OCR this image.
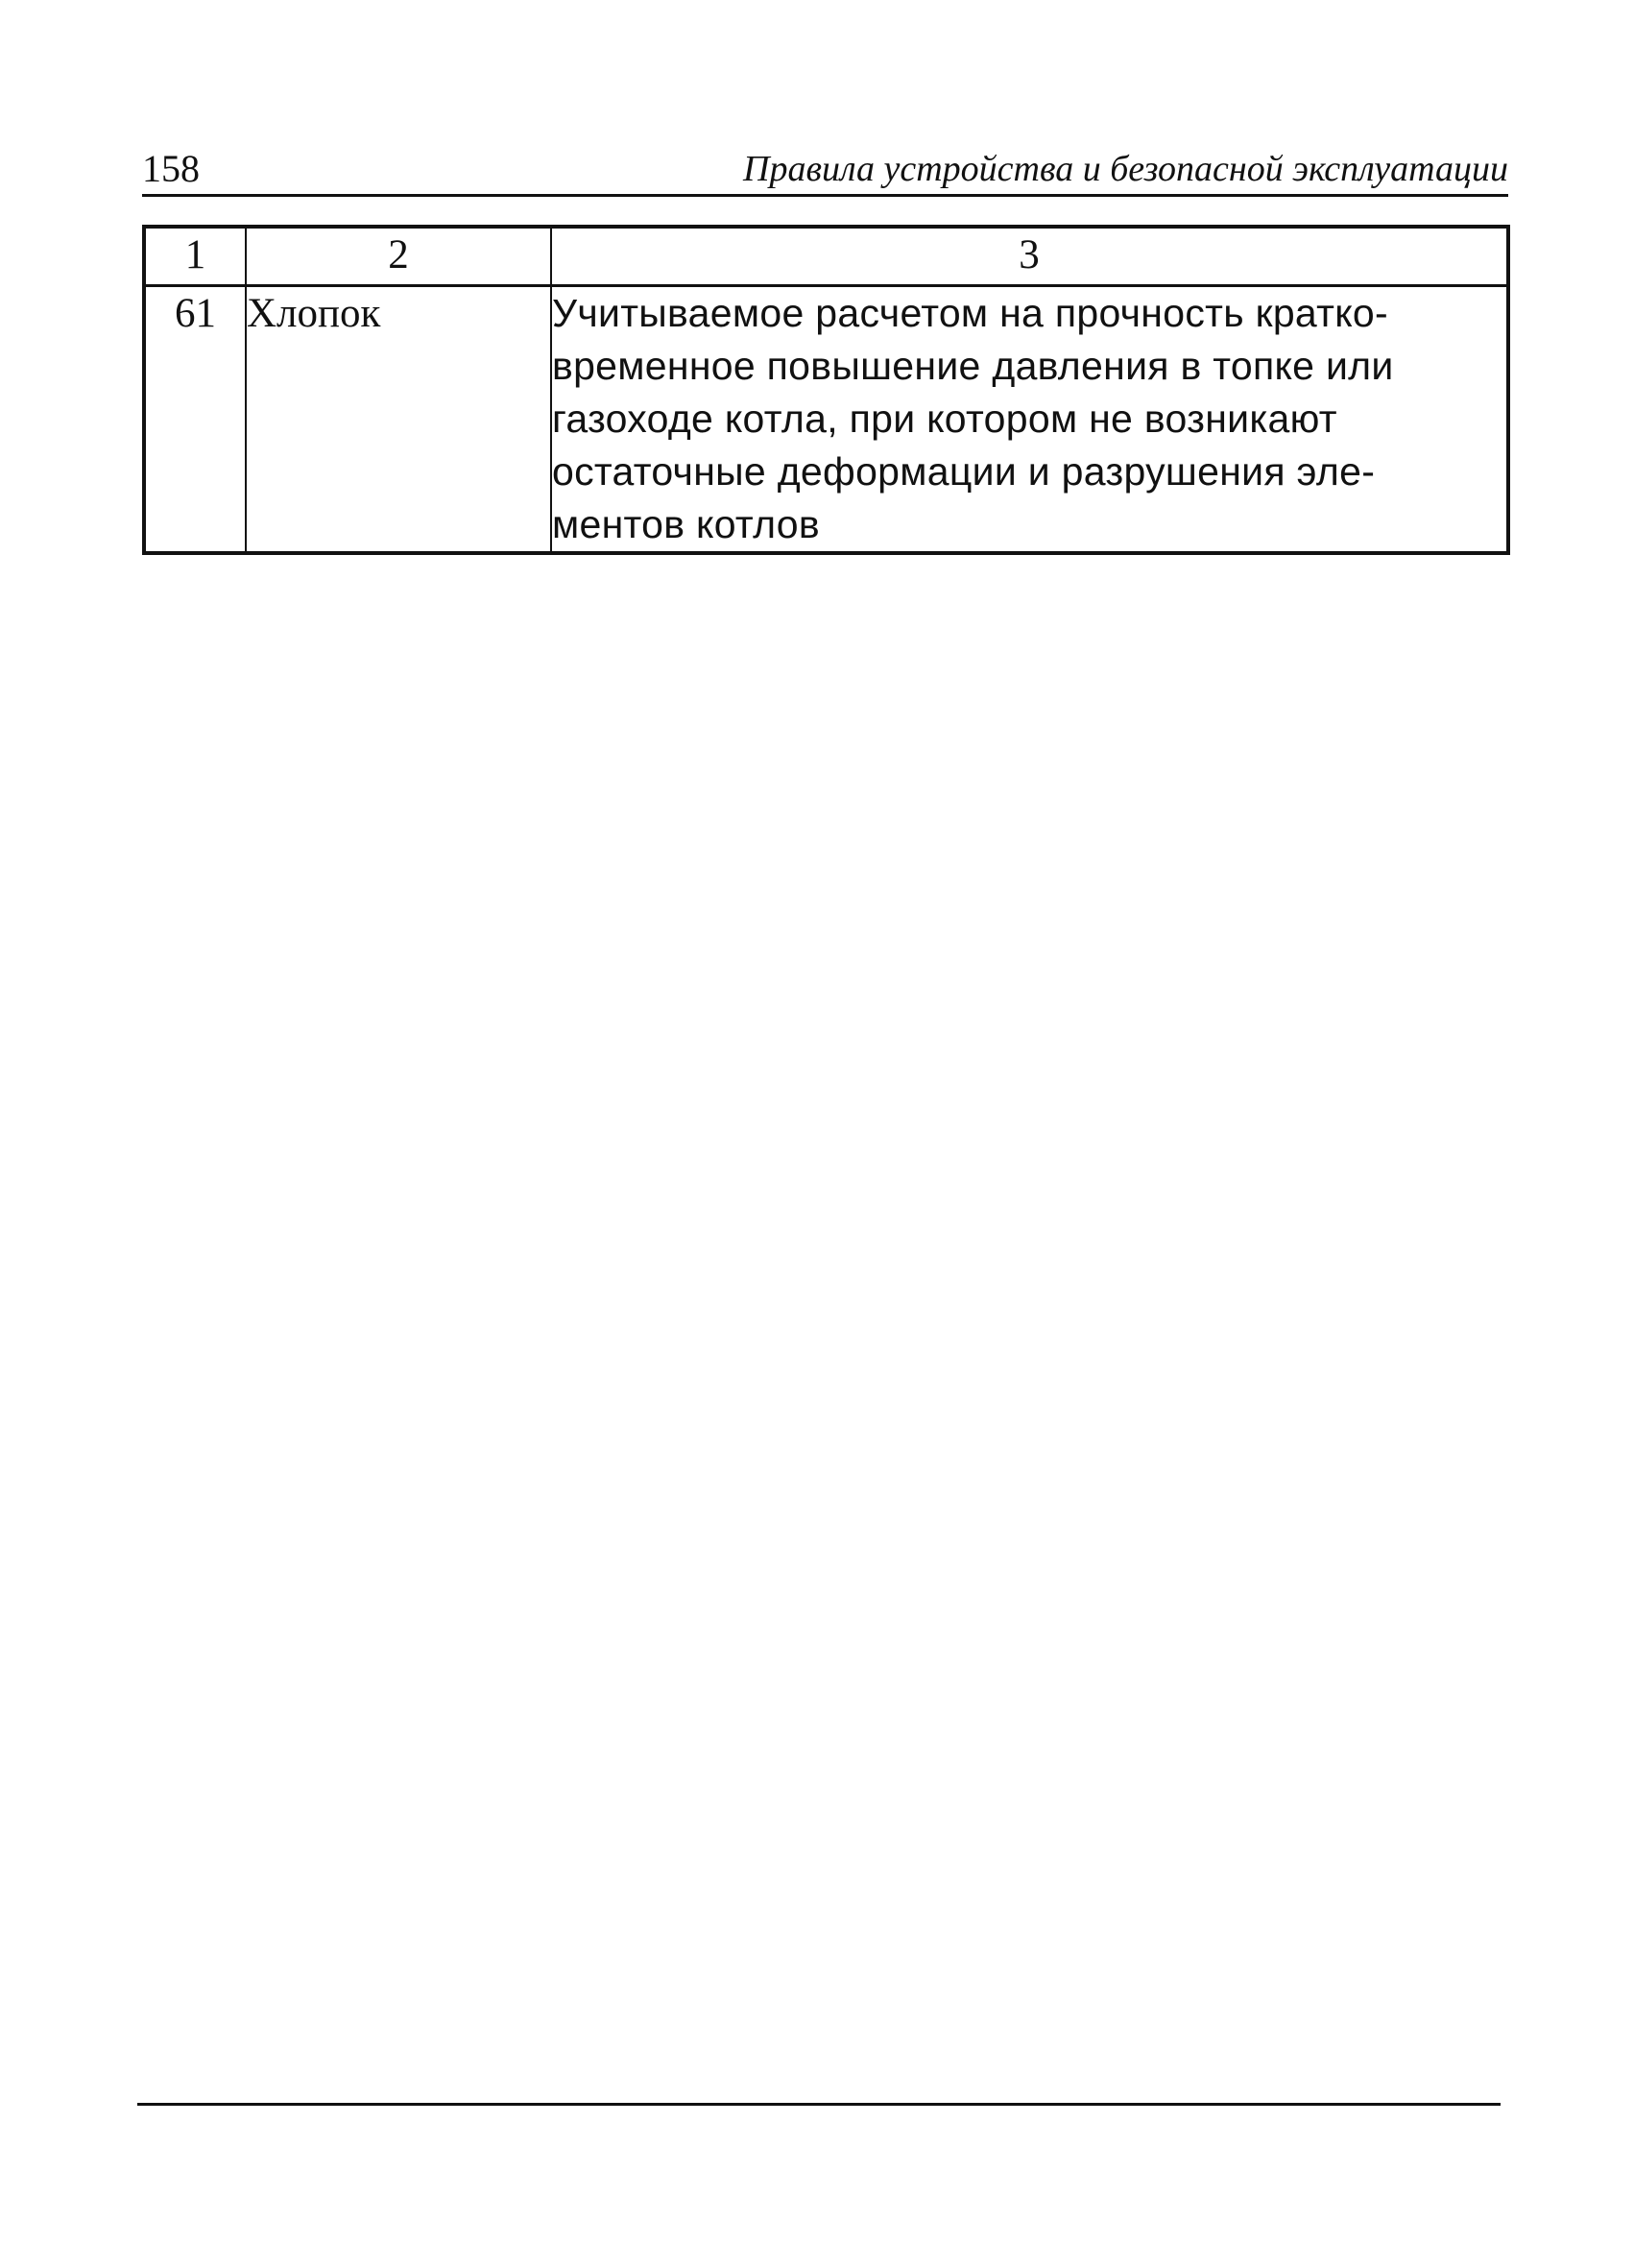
158	Правила устройства и безопасной эксплуатации
1	2	3
61	Хлопок	Учитываемое расчетом на прочность кратко-
временное повышение давления в топке или
газоходе котла, при котором не возникают
остаточные деформации и разрушения эле-
ментов котлов
